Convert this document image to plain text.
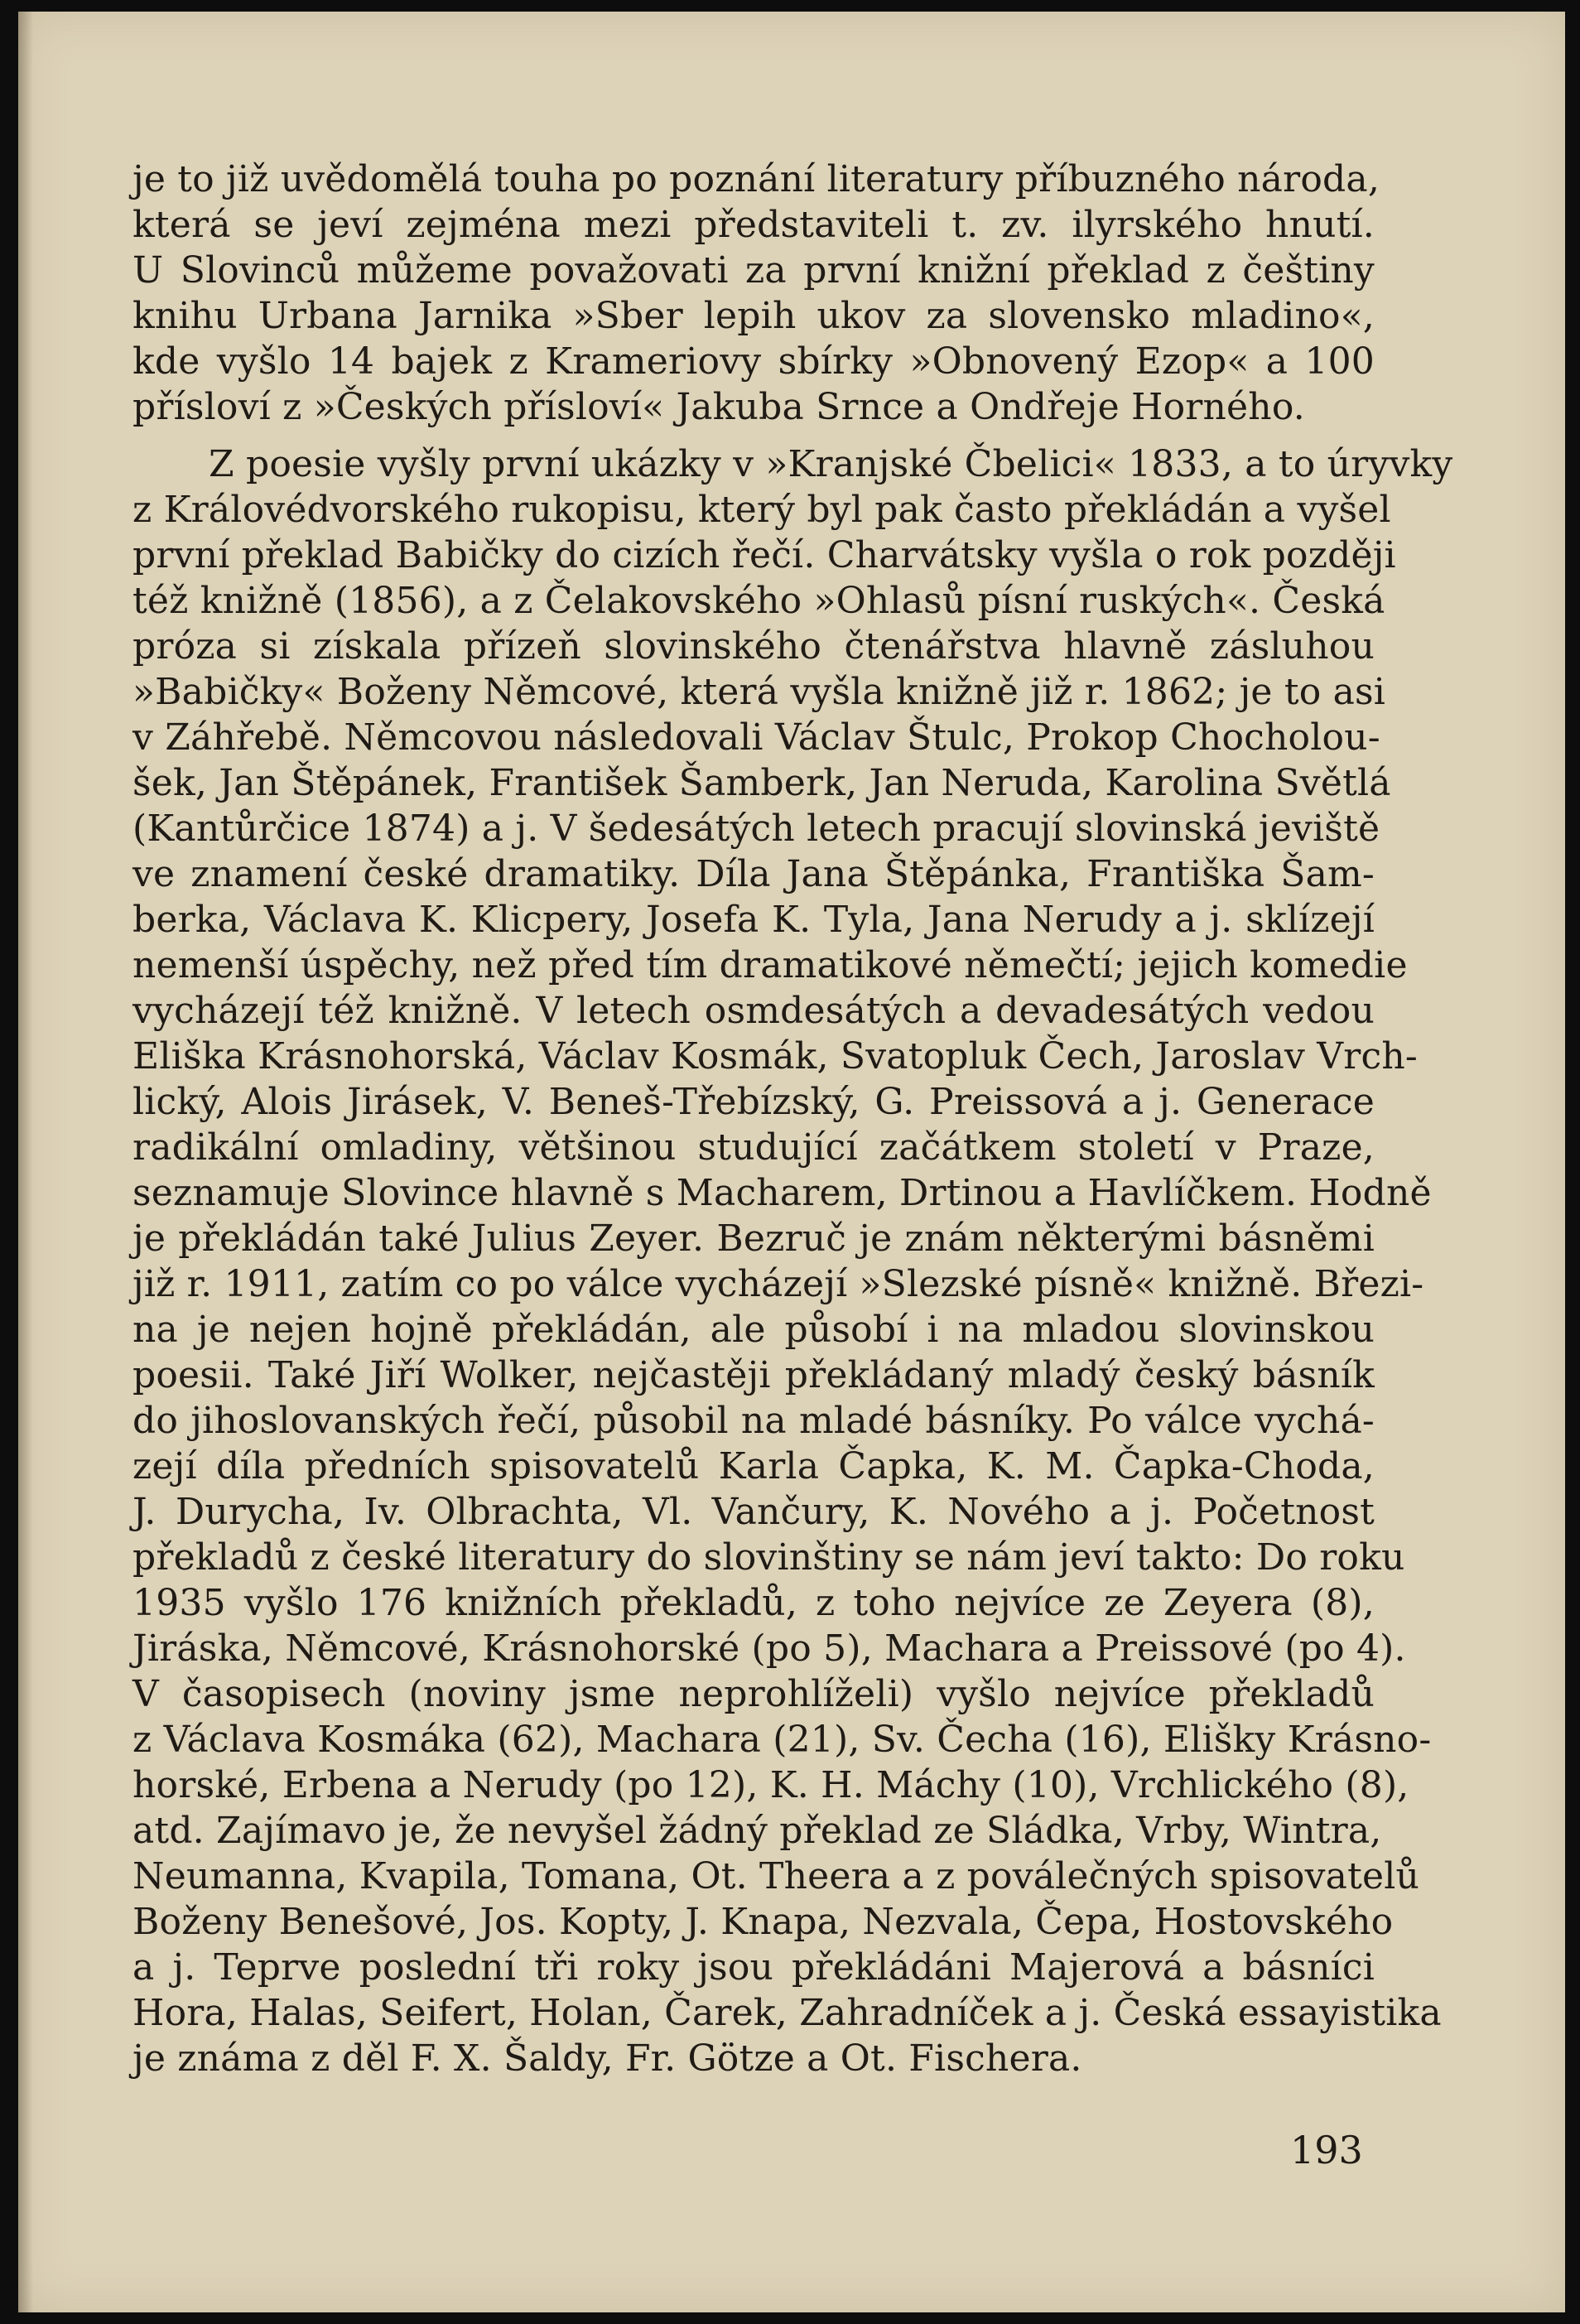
je to již uvědomělá touha po poznání literatury příbuzného národa,
která se jeví zejména mezi představiteli t. zv. ilyrského hnutí.
U Slovinců můžeme považovati za první knižní překlad z češtiny
knihu Urbana Jarnika »Sber lepih ukov za slovensko mladino«,
kde vyšlo 14 bajek z Krameriovy sbírky »Obnovený Ezop« a 100
přísloví z »Českých přísloví« Jakuba Srnce a Ondřeje Horného.
Z poesie vyšly první ukázky v »Kranjské Čbelici« 1833, a to úryvky
z Královédvorského rukopisu, který byl pak často překládán a vyšel
první překlad Babičky do cizích řečí. Charvátsky vyšla o rok později
též knižně (1856), a z Čelakovského »Ohlasů písní ruských«. Česká
próza si získala přízeň slovinského čtenářstva hlavně zásluhou
»Babičky« Boženy Němcové, která vyšla knižně již r. 1862; je to asi
v Záhřebě. Němcovou následovali Václav Štulc, Prokop Chocholou-
šek, Jan Štěpánek, František Šamberk, Jan Neruda, Karolina Světlá
(Kantůrčice 1874) a j. V šedesátých letech pracují slovinská jeviště
ve znamení české dramatiky. Díla Jana Štěpánka, Františka Šam-
berka, Václava K. Klicpery, Josefa K. Tyla, Jana Nerudy a j. sklízejí
nemenší úspěchy, než před tím dramatikové němečtí; jejich komedie
vycházejí též knižně. V letech osmdesátých a devadesátých vedou
Eliška Krásnohorská, Václav Kosmák, Svatopluk Čech, Jaroslav Vrch-
lický, Alois Jirásek, V. Beneš-Třebízský, G. Preissová a j. Generace
radikální omladiny, většinou studující začátkem století v Praze,
seznamuje Slovince hlavně s Macharem, Drtinou a Havlíčkem. Hodně
je překládán také Julius Zeyer. Bezruč je znám některými básněmi
již r. 1911, zatím co po válce vycházejí »Slezské písně« knižně. Březi-
na je nejen hojně překládán, ale působí i na mladou slovinskou
poesii. Také Jiří Wolker, nejčastěji překládaný mladý český básník
do jihoslovanských řečí, působil na mladé básníky. Po válce vychá-
zejí díla předních spisovatelů Karla Čapka, K. M. Čapka-Choda,
J. Durycha, Iv. Olbrachta, Vl. Vančury, K. Nového a j. Početnost
překladů z české literatury do slovinštiny se nám jeví takto: Do roku
1935 vyšlo 176 knižních překladů, z toho nejvíce ze Zeyera (8),
Jiráska, Němcové, Krásnohorské (po 5), Machara a Preissové (po 4).
V časopisech (noviny jsme neprohlíželi) vyšlo nejvíce překladů
z Václava Kosmáka (62), Machara (21), Sv. Čecha (16), Elišky Krásno-
horské, Erbena a Nerudy (po 12), K. H. Máchy (10), Vrchlického (8),
atd. Zajímavo je, že nevyšel žádný překlad ze Sládka, Vrby, Wintra,
Neumanna, Kvapila, Tomana, Ot. Theera a z poválečných spisovatelů
Boženy Benešové, Jos. Kopty, J. Knapa, Nezvala, Čepa, Hostovského
a j. Teprve poslední tři roky jsou překládáni Majerová a básníci
Hora, Halas, Seifert, Holan, Čarek, Zahradníček a j. Česká essayistika
je známa z děl F. X. Šaldy, Fr. Götze a Ot. Fischera.
193
